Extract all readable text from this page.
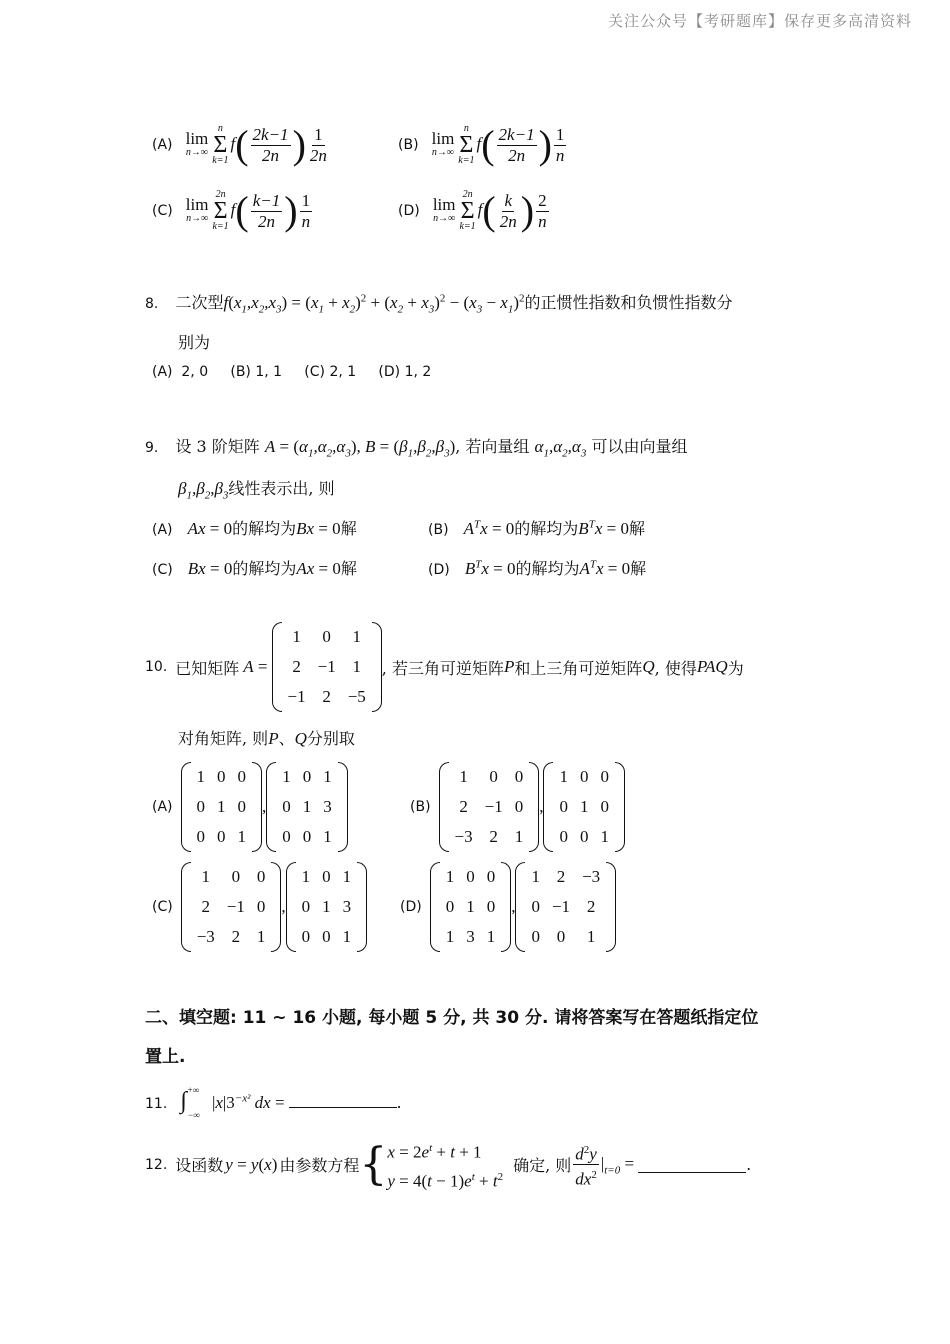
关注公众号【考研题库】保存更多高清资料
(A) lim
n→∞
n
Σ
k=1
$f( \frac{2k-1}{2n}$ ) $\frac{1}{2n}$	(B) lim
n→∞
n
Σ
k=1
$f( \frac{2k-1}{2n}$ ) $\frac{1}{n}$
(C) lim
n→∞
2n
Σ
k=1
$f( \frac{k-1}{2n}$ ) $\frac{1}{n}$	(D) lim
n→∞
2n
Σ
k=1
$f( \frac{k}{2n}$ ) $\frac{2}{n}$
8. 二次型$f(x_1,x_2,x_3) = (x_1 + x_2)^2 + (x_2 + x_3)^2 - (x_3 - x_1)^2$的正惯性指数和负惯性指数分
别为
(A)  2, 0     (B) 1, 1     (C) 2, 1     (D) 1, 2
9. 设 3 阶矩阵 $A = (\alpha_1,\alpha_2,\alpha_3)$, $B = (\beta_1,\beta_2,\beta_3)$, 若向量组 $\alpha_1,\alpha_2,\alpha_3$ 可以由向量组
$\beta_1,\beta_2,\beta_3$线性表示出, 则
(A) Ax = 0的解均为Bx = 0解	(B) $A^Tx = 0$的解均为$B^Tx = 0$解
(C) Bx = 0的解均为Ax = 0解	(D) $B^Tx = 0$的解均为$A^Tx = 0$解
10. 已知矩阵 A =
1	0	1
2	−1	1
−1	2	−5
, 若三角可逆矩阵 P 和上三角可逆矩阵 Q , 使得 PAQ 为
对角矩阵, 则P、Q分别取
(A)
1	0	0
0	1	0
0	0	1
,
1	0	1
0	1	3
0	0	1
(B)
1	0	0
2	−1	0
−3	2	1
,
1	0	0
0	1	0
0	0	1
(C)
1	0	0
2	−1	0
−3	2	1
,
1	0	1
0	1	3
0	0	1
(D)
1	0	0
0	1	0
1	3	1
,
1	2	−3
0	−1	2
0	0	1
二、填空题: 11 ~ 16 小题, 每小题 5 分, 共 30 分. 请将答案写在答题纸指定位
置上.
11. $\int^{+\infty}_{-\infty}|x|3^{-x^2}$ dx =	.
12. 设函数 y = y(x) 由参数方程 { $x = 2e^t + t + 1$
$y = 4(t - 1)e^t + t^2$
确定, 则 $\frac{d^2y}{dx^2} |_{t=0}$ =	.
